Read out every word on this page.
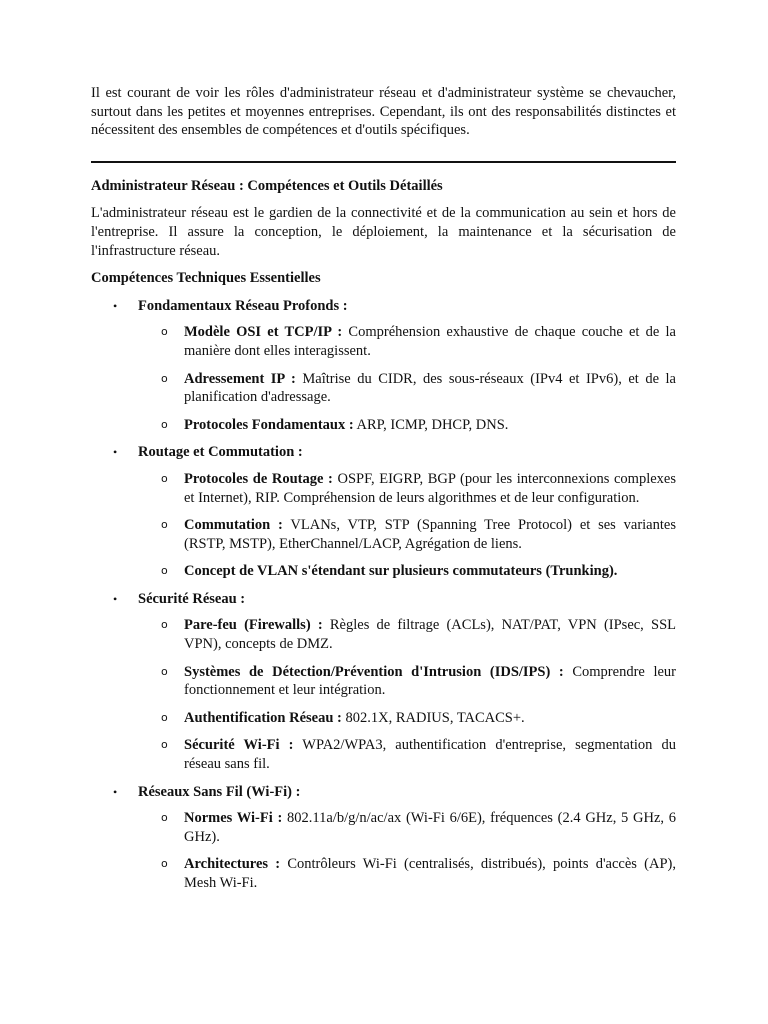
Il est courant de voir les rôles d'administrateur réseau et d'administrateur système se chevaucher, surtout dans les petites et moyennes entreprises. Cependant, ils ont des responsabilités distinctes et nécessitent des ensembles de compétences et d'outils spécifiques.

Administrateur Réseau : Compétences et Outils Détaillés

L'administrateur réseau est le gardien de la connectivité et de la communication au sein et hors de l'entreprise. Il assure la conception, le déploiement, la maintenance et la sécurisation de l'infrastructure réseau.

Compétences Techniques Essentielles

• Fondamentaux Réseau Profonds :
o Modèle OSI et TCP/IP : Compréhension exhaustive de chaque couche et de la manière dont elles interagissent.
o Adressement IP : Maîtrise du CIDR, des sous-réseaux (IPv4 et IPv6), et de la planification d'adressage.
o Protocoles Fondamentaux : ARP, ICMP, DHCP, DNS.
• Routage et Commutation :
o Protocoles de Routage : OSPF, EIGRP, BGP (pour les interconnexions complexes et Internet), RIP. Compréhension de leurs algorithmes et de leur configuration.
o Commutation : VLANs, VTP, STP (Spanning Tree Protocol) et ses variantes (RSTP, MSTP), EtherChannel/LACP, Agrégation de liens.
o Concept de VLAN s'étendant sur plusieurs commutateurs (Trunking).
• Sécurité Réseau :
o Pare-feu (Firewalls) : Règles de filtrage (ACLs), NAT/PAT, VPN (IPsec, SSL VPN), concepts de DMZ.
o Systèmes de Détection/Prévention d'Intrusion (IDS/IPS) : Comprendre leur fonctionnement et leur intégration.
o Authentification Réseau : 802.1X, RADIUS, TACACS+.
o Sécurité Wi-Fi : WPA2/WPA3, authentification d'entreprise, segmentation du réseau sans fil.
• Réseaux Sans Fil (Wi-Fi) :
o Normes Wi-Fi : 802.11a/b/g/n/ac/ax (Wi-Fi 6/6E), fréquences (2.4 GHz, 5 GHz, 6 GHz).
o Architectures : Contrôleurs Wi-Fi (centralisés, distribués), points d'accès (AP), Mesh Wi-Fi.
